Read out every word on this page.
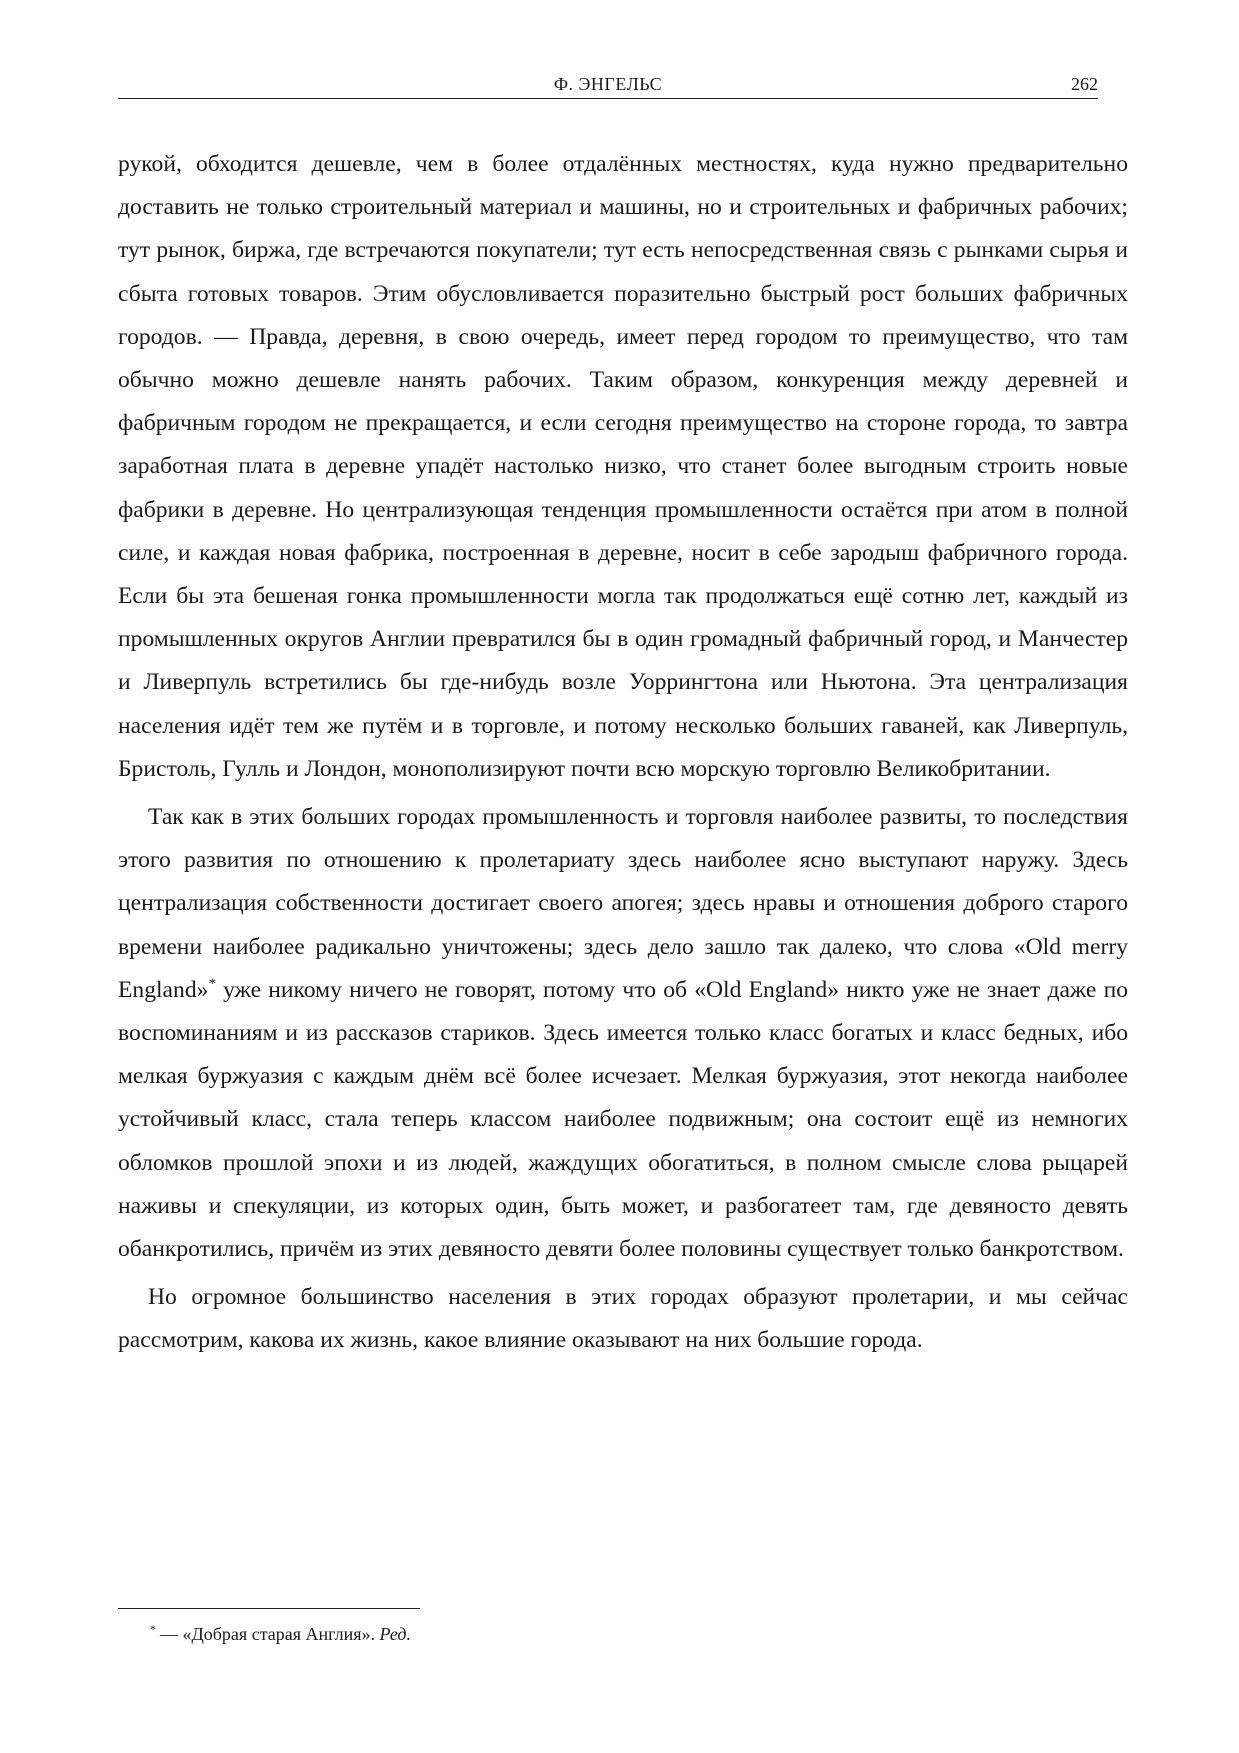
Ф. ЭНГЕЛЬС	262

рукой, обходится дешевле, чем в более отдалённых местностях, куда нужно предварительно доставить не только строительный материал и машины, но и строительных и фабричных рабочих; тут рынок, биржа, где встречаются покупатели; тут есть непосредственная связь с рынками сырья и сбыта готовых товаров. Этим обусловливается поразительно быстрый рост больших фабричных городов. — Правда, деревня, в свою очередь, имеет перед городом то преимущество, что там обычно можно дешевле нанять рабочих. Таким образом, конкуренция между деревней и фабричным городом не прекращается, и если сегодня преимущество на стороне города, то завтра заработная плата в деревне упадёт настолько низко, что станет более выгодным строить новые фабрики в деревне. Но централизующая тенденция промышленности остаётся при атом в полной силе, и каждая новая фабрика, построенная в деревне, носит в себе зародыш фабричного города. Если бы эта бешеная гонка промышленности могла так продолжаться ещё сотню лет, каждый из промышленных округов Англии превратился бы в один громадный фабричный город, и Манчестер и Ливерпуль встретились бы где-нибудь возле Уоррингтона или Ньютона. Эта централизация населения идёт тем же путём и в торговле, и потому несколько больших гаваней, как Ливерпуль, Бристоль, Гулль и Лондон, монополизируют почти всю морскую торговлю Великобритании.

Так как в этих больших городах промышленность и торговля наиболее развиты, то последствия этого развития по отношению к пролетариату здесь наиболее ясно выступают наружу. Здесь централизация собственности достигает своего апогея; здесь нравы и отношения доброго старого времени наиболее радикально уничтожены; здесь дело зашло так далеко, что слова «Old merry England»* уже никому ничего не говорят, потому что об «Old England» никто уже не знает даже по воспоминаниям и из рассказов стариков. Здесь имеется только класс богатых и класс бедных, ибо мелкая буржуазия с каждым днём всё более исчезает. Мелкая буржуазия, этот некогда наиболее устойчивый класс, стала теперь классом наиболее подвижным; она состоит ещё из немногих обломков прошлой эпохи и из людей, жаждущих обогатиться, в полном смысле слова рыцарей наживы и спекуляции, из которых один, быть может, и разбогатеет там, где девяносто девять обанкротились, причём из этих девяносто девяти более половины существует только банкротством.

Но огромное большинство населения в этих городах образуют пролетарии, и мы сейчас рассмотрим, какова их жизнь, какое влияние оказывают на них большие города.

* — «Добрая старая Англия». Ред.
